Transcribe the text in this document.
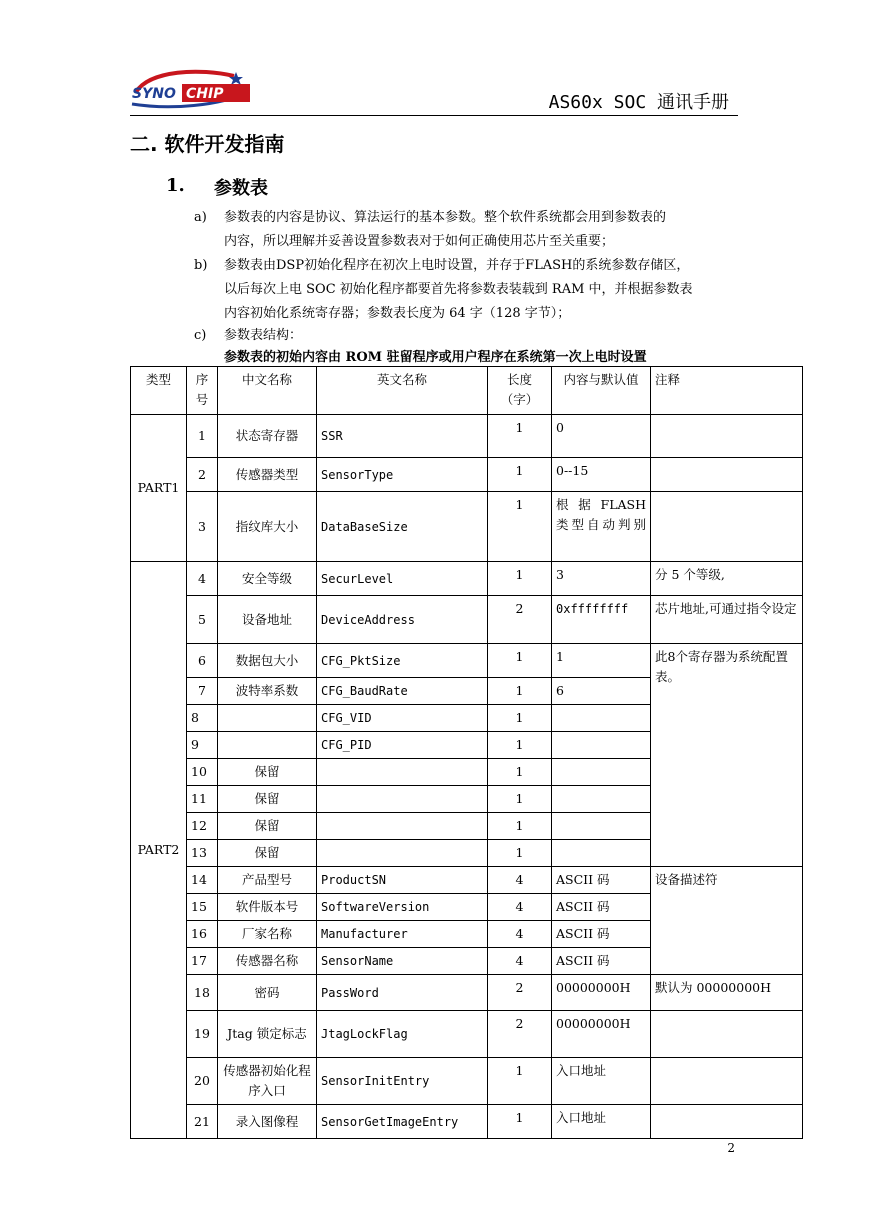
SYNO CHIP	AS60x SOC 通讯手册
二. 软件开发指南
1. 参数表
a) 参数表的内容是协议、算法运行的基本参数。整个软件系统都会用到参数表的
内容，所以理解并妥善设置参数表对于如何正确使用芯片至关重要；
b) 参数表由DSP初始化程序在初次上电时设置，并存于FLASH的系统参数存储区，
以后每次上电 SOC 初始化程序都要首先将参数表装载到 RAM 中，并根据参数表
内容初始化系统寄存器；参数表长度为 64 字（128 字节）；
c) 参数表结构：
参数表的初始内容由 ROM 驻留程序或用户程序在系统第一次上电时设置
类型	序号	中文名称	英文名称	长度（字）	内容与默认值	注释
PART1	1	状态寄存器	SSR	1	0	
	2	传感器类型	SensorType	1	0--15	
	3	指纹库大小	DataBaseSize	1	根 据 FLASH 类型自动判别	
PART2	4	安全等级	SecurLevel	1	3	分 5 个等级,
	5	设备地址	DeviceAddress	2	0xffffffff	芯片地址,可通过指令设定
	6	数据包大小	CFG_PktSize	1	1	此8个寄存器为系统配置表。
	7	波特率系数	CFG_BaudRate	1	6	
	8		CFG_VID	1		
	9		CFG_PID	1		
	10	保留		1		
	11	保留		1		
	12	保留		1		
	13	保留		1		
	14	产品型号	ProductSN	4	ASCII 码	设备描述符
	15	软件版本号	SoftwareVersion	4	ASCII 码	
	16	厂家名称	Manufacturer	4	ASCII 码	
	17	传感器名称	SensorName	4	ASCII 码	
	18	密码	PassWord	2	00000000H	默认为 00000000H
	19	Jtag 锁定标志	JtagLockFlag	2	00000000H	
	20	传感器初始化程序入口	SensorInitEntry	1	入口地址	
	21	录入图像程	SensorGetImageEntry	1	入口地址	
2
